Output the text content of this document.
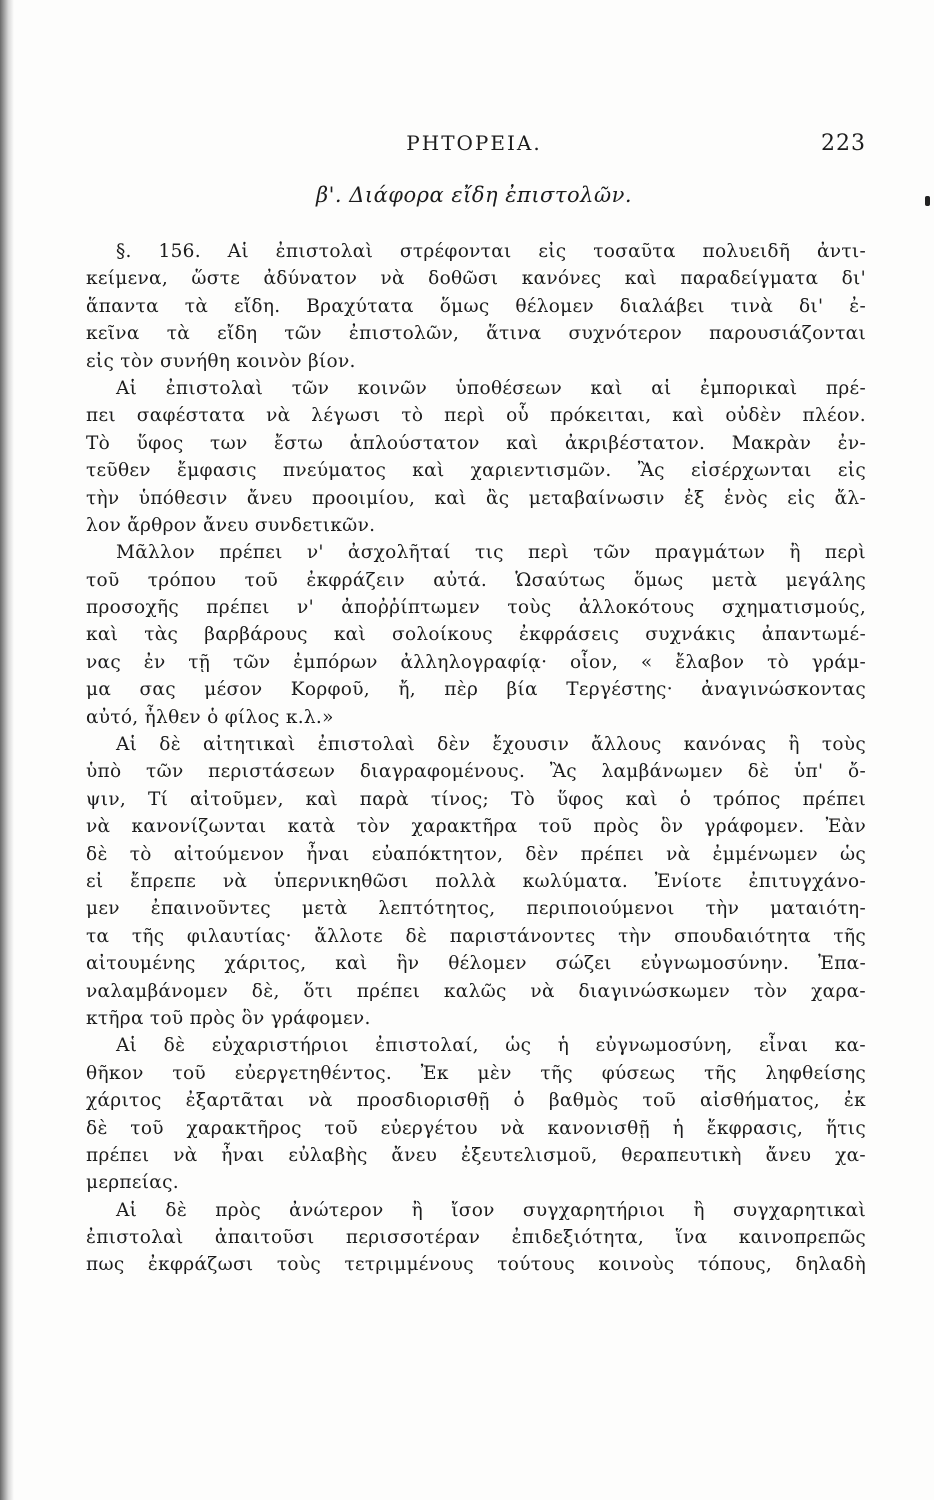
ΡΗΤΟΡΕΙΑ.	223
β'. Διάφορα εἴδη ἐπιστολῶν.
§. 156. Αἱ ἐπιστολαὶ στρέφονται εἰς τοσαῦτα πολυειδῆ ἀντι-
κείμενα, ὥστε ἀδύνατον νὰ δοθῶσι κανόνες καὶ παραδείγματα δι'
ἅπαντα τὰ εἴδη. Βραχύτατα ὅμως θέλομεν διαλάβει τινὰ δι' ἐ-
κεῖνα τὰ εἴδη τῶν ἐπιστολῶν, ἅτινα συχνότερον παρουσιάζονται
εἰς τὸν συνήθη κοινὸν βίον.
Αἱ ἐπιστολαὶ τῶν κοινῶν ὑποθέσεων καὶ αἱ ἐμπορικαὶ πρέ-
πει σαφέστατα νὰ λέγωσι τὸ περὶ οὗ πρόκειται, καὶ οὐδὲν πλέον.
Τὸ ὕφος των ἔστω ἁπλούστατον καὶ ἀκριβέστατον. Μακρὰν ἐν-
τεῦθεν ἔμφασις πνεύματος καὶ χαριεντισμῶν. Ἂς εἰσέρχωνται εἰς
τὴν ὑπόθεσιν ἄνευ προοιμίου, καὶ ἂς μεταβαίνωσιν ἐξ ἑνὸς εἰς ἄλ-
λον ἄρθρον ἄνευ συνδετικῶν.
Μᾶλλον πρέπει ν' ἀσχολῆταί τις περὶ τῶν πραγμάτων ἢ περὶ
τοῦ τρόπου τοῦ ἐκφράζειν αὐτά. Ὡσαύτως ὅμως μετὰ μεγάλης
προσοχῆς πρέπει ν' ἀποῤῥίπτωμεν τοὺς ἀλλοκότους σχηματισμούς,
καὶ τὰς βαρβάρους καὶ σολοίκους ἐκφράσεις συχνάκις ἀπαντωμέ-
νας ἐν τῇ τῶν ἐμπόρων ἀλληλογραφίᾳ· οἷον, « ἔλαβον τὸ γράμ-
μα σας μέσον Κορφοῦ, ἤ, πὲρ βία Τεργέστης· ἀναγινώσκοντας
αὐτό, ἦλθεν ὁ φίλος κ.λ.»
Αἱ δὲ αἰτητικαὶ ἐπιστολαὶ δὲν ἔχουσιν ἄλλους κανόνας ἢ τοὺς
ὑπὸ τῶν περιστάσεων διαγραφομένους. Ἂς λαμβάνωμεν δὲ ὑπ' ὄ-
ψιν, Τί αἰτοῦμεν, καὶ παρὰ τίνος; Τὸ ὕφος καὶ ὁ τρόπος πρέπει
νὰ κανονίζωνται κατὰ τὸν χαρακτῆρα τοῦ πρὸς ὃν γράφομεν. Ἐὰν
δὲ τὸ αἰτούμενον ἦναι εὐαπόκτητον, δὲν πρέπει νὰ ἐμμένωμεν ὡς
εἰ ἔπρεπε νὰ ὑπερνικηθῶσι πολλὰ κωλύματα. Ἐνίοτε ἐπιτυγχάνο-
μεν ἐπαινοῦντες μετὰ λεπτότητος, περιποιούμενοι τὴν ματαιότη-
τα τῆς φιλαυτίας· ἄλλοτε δὲ παριστάνοντες τὴν σπουδαιότητα τῆς
αἰτουμένης χάριτος, καὶ ἣν θέλομεν σώζει εὐγνωμοσύνην. Ἐπα-
ναλαμβάνομεν δὲ, ὅτι πρέπει καλῶς νὰ διαγινώσκωμεν τὸν χαρα-
κτῆρα τοῦ πρὸς ὃν γράφομεν.
Αἱ δὲ εὐχαριστήριοι ἐπιστολαί, ὡς ἡ εὐγνωμοσύνη, εἶναι κα-
θῆκον τοῦ εὐεργετηθέντος. Ἐκ μὲν τῆς φύσεως τῆς ληφθείσης
χάριτος ἐξαρτᾶται νὰ προσδιορισθῇ ὁ βαθμὸς τοῦ αἰσθήματος, ἐκ
δὲ τοῦ χαρακτῆρος τοῦ εὐεργέτου νὰ κανονισθῇ ἡ ἔκφρασις, ἥτις
πρέπει νὰ ἦναι εὐλαβὴς ἄνευ ἐξευτελισμοῦ, θεραπευτικὴ ἄνευ χα-
μερπείας.
Αἱ δὲ πρὸς ἀνώτερον ἢ ἴσον συγχαρητήριοι ἢ συγχαρητικαὶ
ἐπιστολαὶ ἀπαιτοῦσι περισσοτέραν ἐπιδεξιότητα, ἵνα καινοπρεπῶς
πως ἐκφράζωσι τοὺς τετριμμένους τούτους κοινοὺς τόπους, δηλαδὴ
